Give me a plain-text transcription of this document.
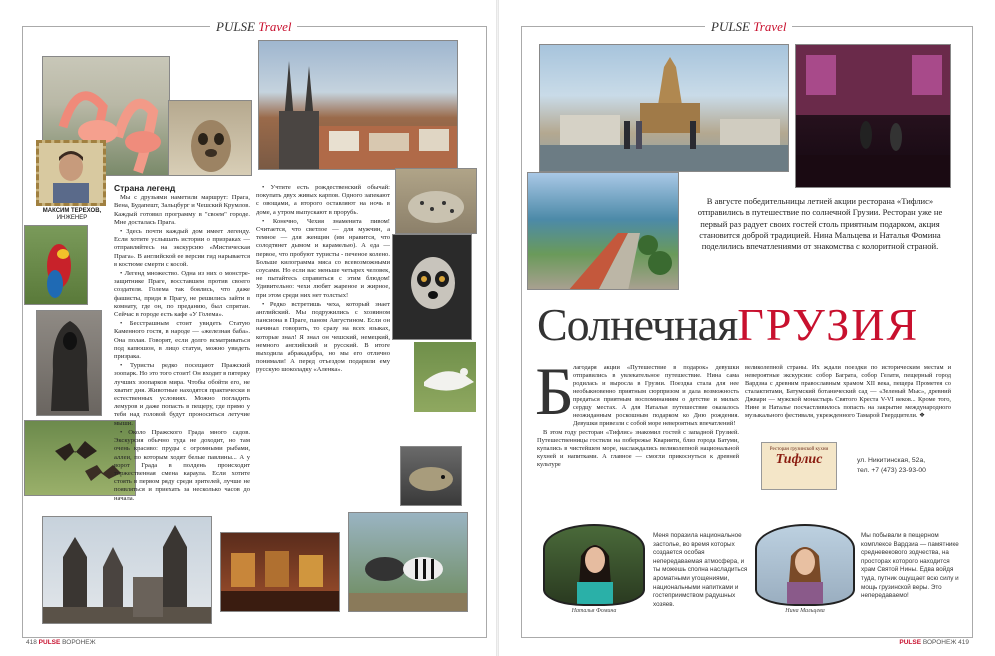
PULSE Travel
МАКСИМ ТЕРЕХОВ,
ИНЖЕНЕР

Страна легенд

Мы с друзьями наметили маршрут: Прага, Вена, Будапешт, Зальцбург и Чешский Крумлов. Каждый готовил программу в "своем" городе. Мне досталась Прага.

• Здесь почти каждый дом имеет легенду. Если хотите услышать истории о призраках — отправляйтесь на экскурсию «Мистическая Прага». В английской ее версии гид нарывается в костюме смерти с косой.

• Легенд множество. Одна из них о монстре-защитнике Праге, восставшем против своего создателя. Голема так боялись, что даже фашисты, придя в Прагу, не решились зайти в комнату, где он, по преданию, был спрятан. Сейчас в городе есть кафе «У Голема».

• Бесстрашным стоит увидеть Статую Каменного гостя, в народе — «железная баба». Она полая. Говорят, если долго всматриваться под капюшон, в лицо статуи, можно увидеть призрака.

• Туристы редко посещают Пражский зоопарк. Но это того стоит! Он входит в пятерку лучших зоопарков мира. Чтобы обойти его, не хватит дня. Животные находятся практически в естественных условиях. Можно погладить лемуров и даже попасть в пещеру, где прямо у тебя над головой будут проноситься летучие мыши.

• Около Пражского Града много садов. Экскурсия обычно туда не доходит, но там очень красиво: пруды с огромными рыбами, аллеи, по которым ходят белые павлины... А у ворот Града в полдень происходит торжественная смена караула. Если хотите стоять в первом ряду среди зрителей, лучше не появляться и приехать за несколько часов до начала.

• Учтите есть рождественский обычай: покупать двух живых карпов. Одного запекают с овощами, а второго оставляют на ночь в доме, а утром выпускают в прорубь.

• Конечно, Чехия знаменита пивом! Считается, что светлое — для мужчин, а темное — для женщин (им нравится, что солодтянет дымом и карамелью). А еда — первое, что пробуют туристы - печеное колено. Больше килограмма мяса со всевозможными соусами. Но если вас меньше четырех человек, не пытайтесь справиться с этим блюдом! Удивительно: чехи любят жареное и жирное, при этом среди них нет толстых!

• Редко встретишь чеха, который знает английский. Мы подружились с хозяином пансиона в Праге, паном Августином. Если он начинал говорить, то сразу на всех языках, которые знал! Я знал он чешский, немецкий, немного английский и русский. В итоге выходила абракадабра, но мы его отлично понимали! А перед отъездом подарили ему русскую шоколадку «Аленка».

418 PULSE ВОРОНЕЖ
PULSE Travel
В августе победительницы летней акции ресторана «Тифлис» отправились в путешествие по солнечной Грузии. Ресторан уже не первый раз радует своих гостей столь приятным подарком, акция становится доброй традицией. Нина Мальцева и Наталья Фомина поделились впечатлениями от знакомства с колоритной страной.
СолнечнаяГРУЗИЯ
Б

лагодаря акции «Путешествие в подарок» девушки отправились в увлекательное путешествие. Нина сама родилась и выросла в Грузии. Поездка стала для нее необыкновенно приятным сюрпризом и дала возможность предаться приятным воспоминаниям о детстве и милых сердцу местах. А для Натальи путешествие оказалось неожиданным роскошным подарком ко Дню рождения. Девушки привезли с собой море невероятных впечатлений!

В этом году ресторан «Тифлис» знакомил гостей с западной Грузией. Путешественницы гостили на побережье Кварияти, близ города Батуми, купались в чистейшем море, наслаждались великолепной национальной кухней и напитками. А главное — смогли прикоснуться к древней культуре

великолепной страны. Их ждали поездки по историческим местам и невероятные экскурсии: собор Баграта, собор Гелати, пещерный город Вардзиа с древним православным храмом XII века, пещера Прометея со сталактитами, Батумский ботанический сад — «Зеленый Мыс», древний Джвари — мужской монастырь Святого Креста V-VI веков... Кроме того, Нине и Наталье посчастливилось попасть на закрытие международного музыкального фестиваля, укрежденного Тамарой Гвердцители. ❖

Ресторан грузинской кухни
Тифлис	ул. Никитинская, 52а,
тел. +7 (473) 23-93-00
Наталья Фомина
Меня поразила национальное застолье, во время которых создается особая непередаваемая атмосфера, и ты можешь сполна насладиться ароматными угощениями, национальными напитками и гостеприимством радушных хозяев.
Нина Мальцева
Мы побывали в пещерном комплексе Вардзиа — памятнике средневекового зодчества, на просторах которого находится храм Святой Нины. Едва войдя туда, путник ощущает всю силу и мощь грузинской веры. Это непередаваемо!
PULSE ВОРОНЕЖ 419
